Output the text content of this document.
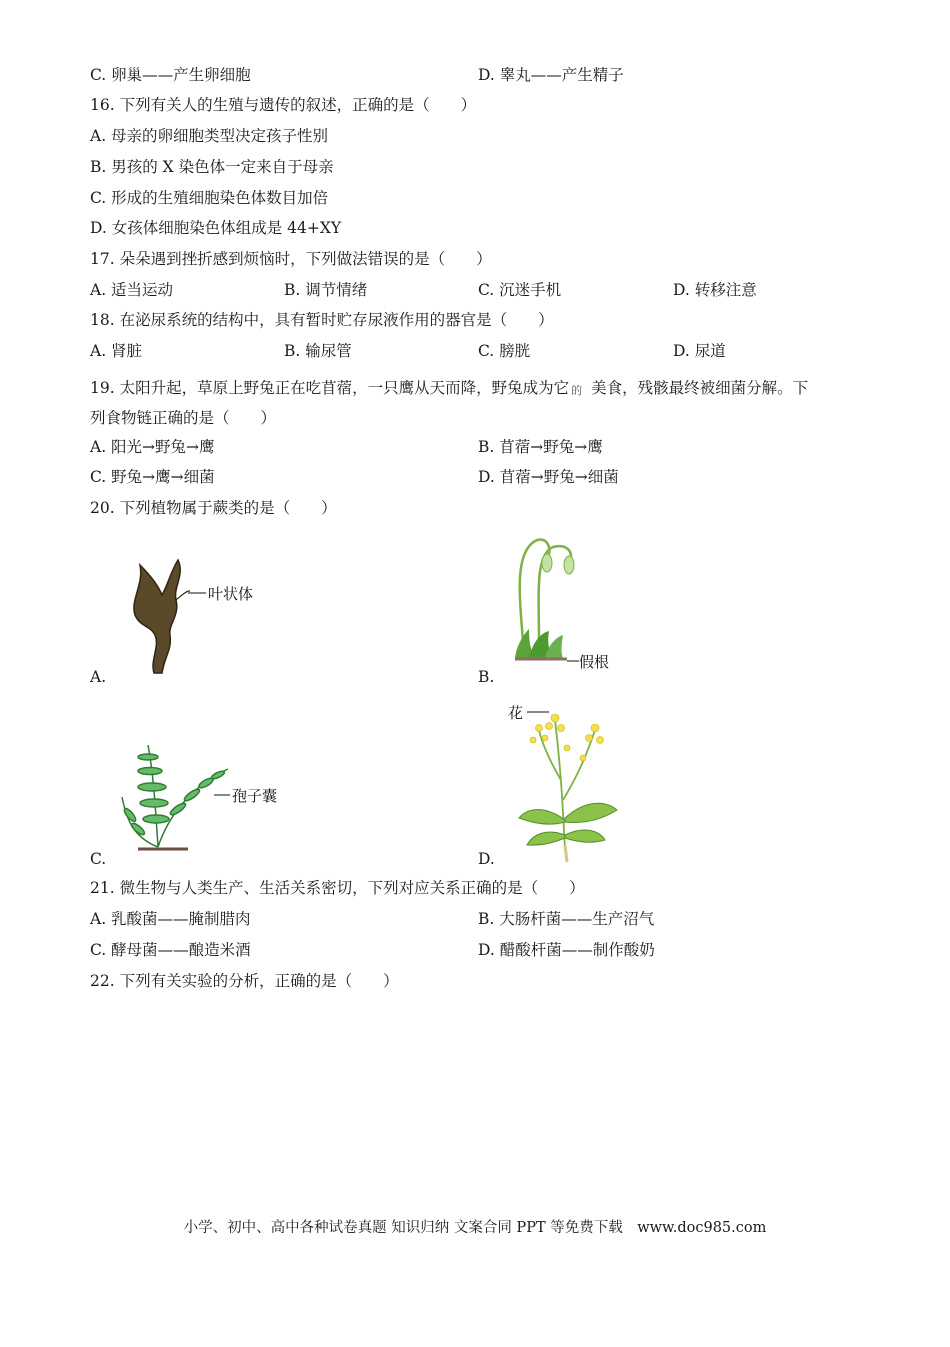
C. 卵巢——产生卵细胞	D. 睾丸——产生精子
16. 下列有关人的生殖与遗传的叙述，正确的是（　　）
A. 母亲的卵细胞类型决定孩子性别
B. 男孩的 X 染色体一定来自于母亲
C. 形成的生殖细胞染色体数目加倍
D. 女孩体细胞染色体组成是 44+XY
17. 朵朵遇到挫折感到烦恼时，下列做法错误的是（　　）
A. 适当运动	B. 调节情绪	C. 沉迷手机	D. 转移注意
18. 在泌尿系统的结构中，具有暂时贮存尿液作用的器官是（　　）
A. 肾脏	B. 输尿管	C. 膀胱	D. 尿道
19. 太阳升起，草原上野兔正在吃苜蓿，一只鹰从天而降，野兔成为它 的 美食，残骸最终被细菌分解。下
列食物链正确的是（　　）
A. 阳光→野兔→鹰	B. 苜蓿→野兔→鹰
C. 野兔→鹰→细菌	D. 苜蓿→野兔→细菌
20. 下列植物属于蕨类的是（　　）
叶状体
A.
假根
B.
孢子囊
C.
花
D.
21. 微生物与人类生产、生活关系密切，下列对应关系正确的是（　　）
A. 乳酸菌——腌制腊肉	B. 大肠杆菌——生产沼气
C. 酵母菌——酿造米酒	D. 醋酸杆菌——制作酸奶
22. 下列有关实验的分析，正确的是（　　）
小学、初中、高中各种试卷真题 知识归纳 文案合同 PPT 等免费下载　www.doc985.com
